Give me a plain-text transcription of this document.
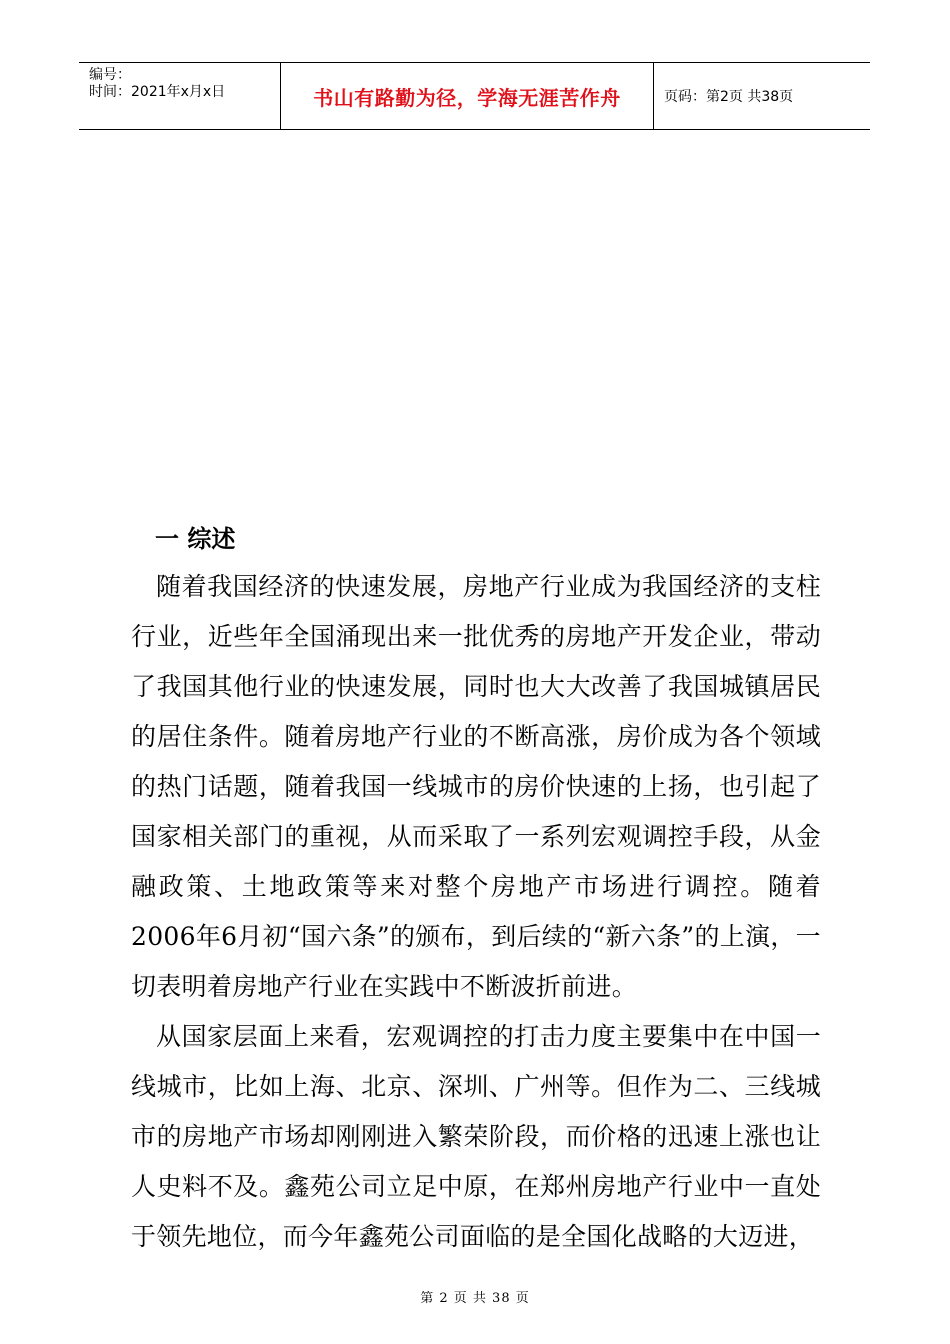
编号：
时间：2021年x月x日	书山有路勤为径，学海无涯苦作舟	页码：第2页 共38页
一 综述

随着我国经济的快速发展，房地产行业成为我国经济的支柱行业，近些年全国涌现出来一批优秀的房地产开发企业，带动了我国其他行业的快速发展，同时也大大改善了我国城镇居民的居住条件。随着房地产行业的不断高涨，房价成为各个领域的热门话题，随着我国一线城市的房价快速的上扬，也引起了国家相关部门的重视，从而采取了一系列宏观调控手段，从金融政策、土地政策等来对整个房地产市场进行调控。随着2006年6月初“国六条”的颁布，到后续的“新六条”的上演，一切表明着房地产行业在实践中不断波折前进。

从国家层面上来看，宏观调控的打击力度主要集中在中国一线城市，比如上海、北京、深圳、广州等。但作为二、三线城市的房地产市场却刚刚进入繁荣阶段，而价格的迅速上涨也让人史料不及。鑫苑公司立足中原，在郑州房地产行业中一直处于领先地位，而今年鑫苑公司面临的是全国化战略的大迈进，

第 2 页 共 38 页
